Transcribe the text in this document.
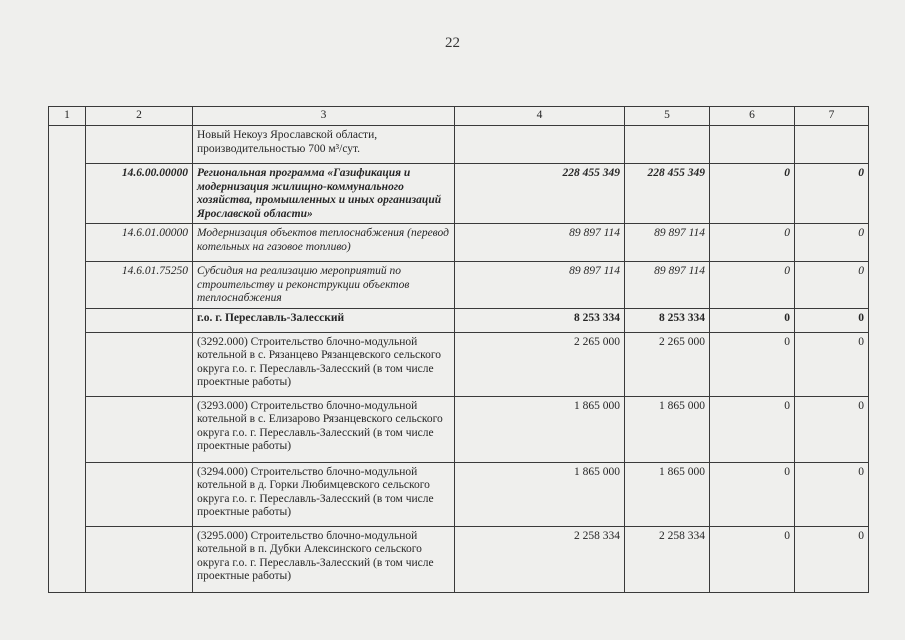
22
1	2	3	4	5	6	7
		Новый Некоуз Ярославской области, производительностью 700 м³/сут.				
	14.6.00.00000	Региональная программа «Газификация и модернизация жилищно-коммунального хозяйства, промышленных и иных организаций Ярославской области»	228 455 349	228 455 349	0	0
	14.6.01.00000	Модернизация объектов теплоснабжения (перевод котельных на газовое топливо)	89 897 114	89 897 114	0	0
	14.6.01.75250	Субсидия на реализацию мероприятий по строительству и реконструкции объектов теплоснабжения	89 897 114	89 897 114	0	0
		г.о. г. Переславль-Залесский	8 253 334	8 253 334	0	0
		(3292.000) Строительство блочно-модульной котельной в с. Рязанцево Рязанцевского сельского округа г.о. г. Переславль-Залесский (в том числе проектные работы)	2 265 000	2 265 000	0	0
		(3293.000) Строительство блочно-модульной котельной в с. Елизарово Рязанцевского сельского округа г.о. г. Переславль-Залесский (в том числе проектные работы)	1 865 000	1 865 000	0	0
		(3294.000) Строительство блочно-модульной котельной в д. Горки Любимцевского сельского округа г.о. г. Переславль-Залесский (в том числе проектные работы)	1 865 000	1 865 000	0	0
		(3295.000) Строительство блочно-модульной котельной в п. Дубки Алексинского сельского округа г.о. г. Переславль-Залесский (в том числе проектные работы)	2 258 334	2 258 334	0	0
